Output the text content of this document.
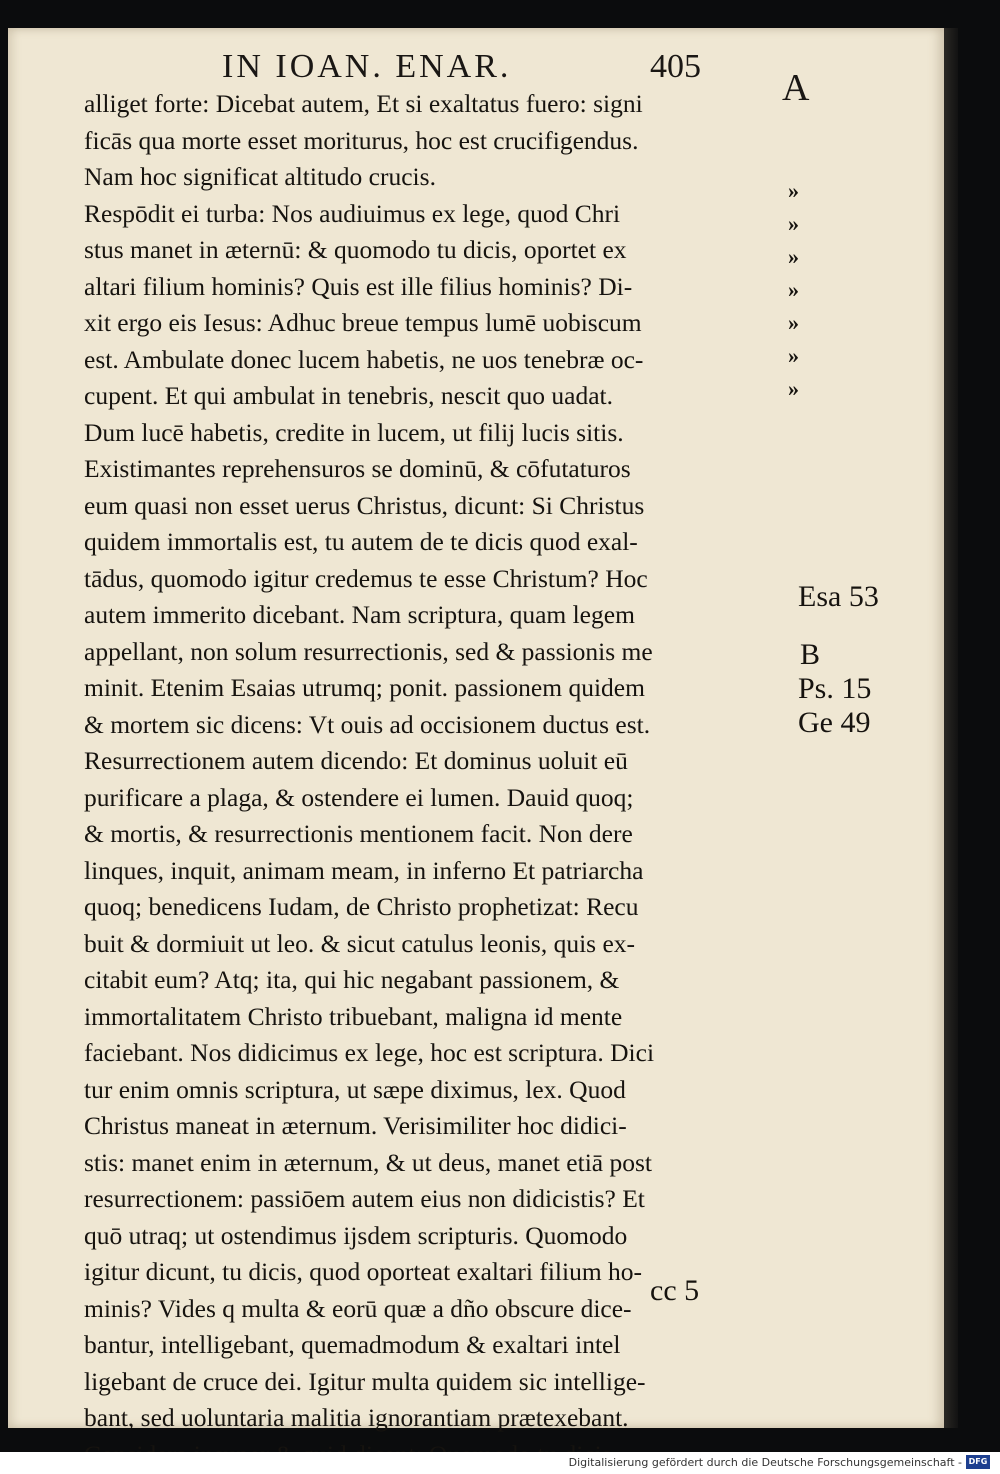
IN IOAN. ENAR.	405
A
alliget forte: Dicebat autem, Et si exaltatus fuero: signi
ficās qua morte esset moriturus, hoc est crucifigendus.
Nam hoc significat altitudo crucis.
Respōdit ei turba: Nos audiuimus ex lege, quod Chri
stus manet in æternū: & quomodo tu dicis, oportet ex
altari filium hominis? Quis est ille filius hominis? Di-
xit ergo eis Iesus: Adhuc breue tempus lumē uobiscum
est. Ambulate donec lucem habetis, ne uos tenebræ oc-
cupent. Et qui ambulat in tenebris, nescit quo uadat.
Dum lucē habetis, credite in lucem, ut filij lucis sitis.
Existimantes reprehensuros se dominū, & cōfutaturos
eum quasi non esset uerus Christus, dicunt: Si Christus
quidem immortalis est, tu autem de te dicis quod exal-
tādus, quomodo igitur credemus te esse Christum? Hoc
autem immerito dicebant. Nam scriptura, quam legem
appellant, non solum resurrectionis, sed & passionis me
minit. Etenim Esaias utrumq; ponit. passionem quidem
& mortem sic dicens: Vt ouis ad occisionem ductus est.
Resurrectionem autem dicendo: Et dominus uoluit eū
purificare a plaga, & ostendere ei lumen. Dauid quoq;
& mortis, & resurrectionis mentionem facit. Non dere
linques, inquit, animam meam, in inferno Et patriarcha
quoq; benedicens Iudam, de Christo prophetizat: Recu
buit & dormiuit ut leo. & sicut catulus leonis, quis ex-
citabit eum? Atq; ita, qui hic negabant passionem, &
immortalitatem Christo tribuebant, maligna id mente
faciebant. Nos didicimus ex lege, hoc est scriptura. Dici
tur enim omnis scriptura, ut sæpe diximus, lex. Quod
Christus maneat in æternum. Verisimiliter hoc didici-
stis: manet enim in æternum, & ut deus, manet etiā post
resurrectionem: passiōem autem eius non didicistis? Et
quō utraq; ut ostendimus ijsdem scripturis. Quomodo
igitur dicunt, tu dicis, quod oporteat exaltari filium ho-
minis? Vides q multa & eorū quæ a dño obscure dice-
bantur, intelligebant, quemadmodum & exaltari intel
ligebant de cruce dei. Igitur multa quidem sic intellige-
bant, sed uoluntaria malitia ignorantiam prætexebant.
»
»
»
»
»
»
»
Esa 53
B
Ps. 15
Ge 49
cc 5
Digitalisierung gefördert durch die Deutsche Forschungsgemeinschaft - DFG
